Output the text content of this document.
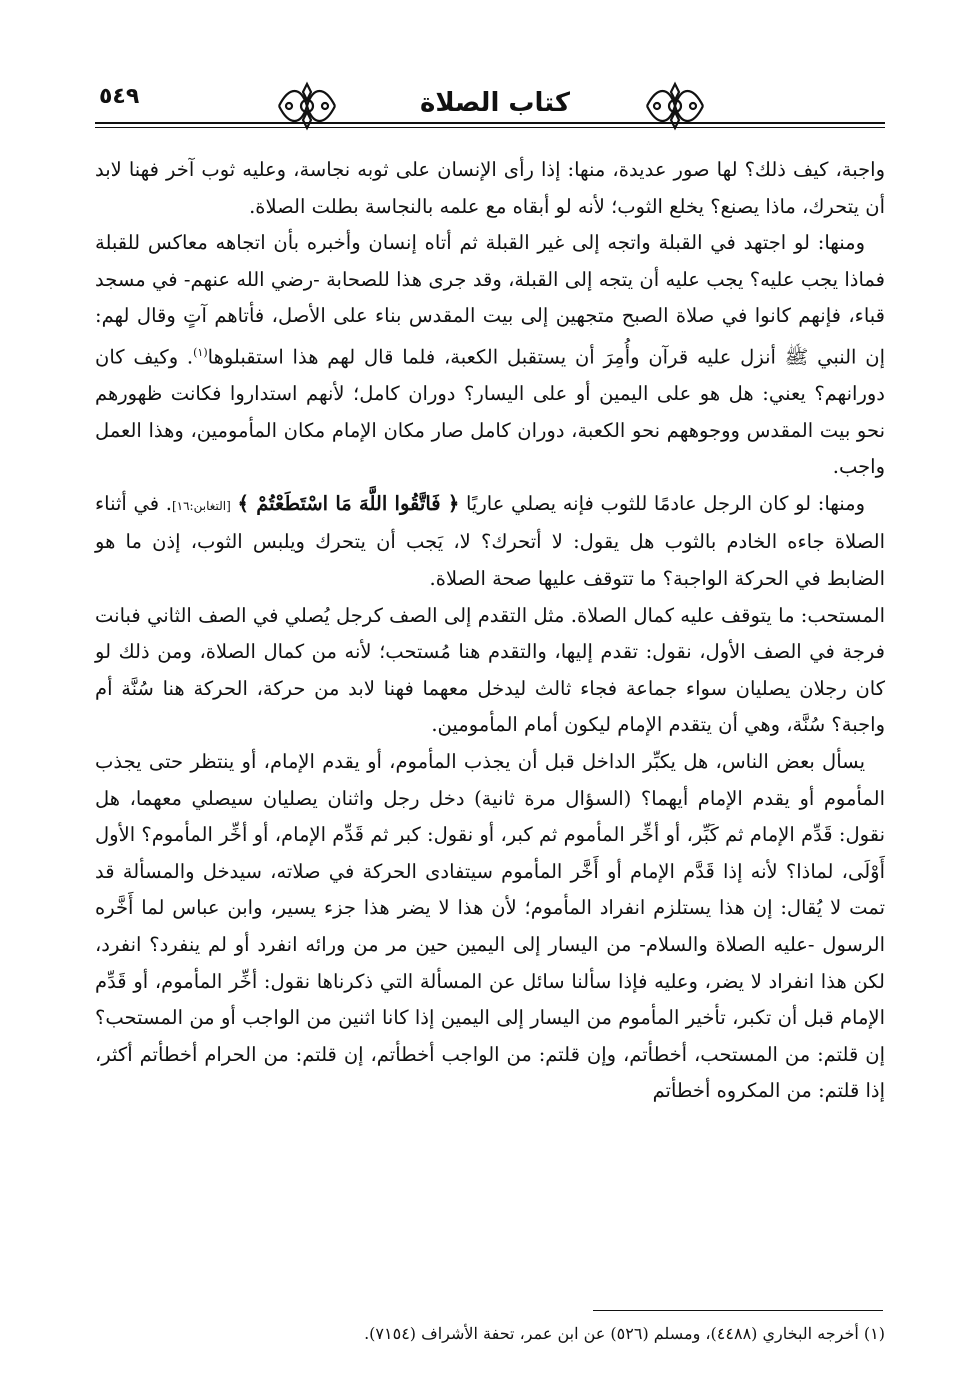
٥٤٩	كتاب الصلاة

واجبة، كيف ذلك؟ لها صور عديدة، منها: إذا رأى الإنسان على ثوبه نجاسة، وعليه ثوب آخر فهنا لابد أن يتحرك، ماذا يصنع؟ يخلع الثوب؛ لأنه لو أبقاه مع علمه بالنجاسة بطلت الصلاة.

ومنها: لو اجتهد في القبلة واتجه إلى غير القبلة ثم أتاه إنسان وأخبره بأن اتجاهه معاكس للقبلة فماذا يجب عليه؟ يجب عليه أن يتجه إلى القبلة، وقد جرى هذا للصحابة -رضي الله عنهم- في مسجد قباء، فإنهم كانوا في صلاة الصبح متجهين إلى بيت المقدس بناء على الأصل، فأتاهم آتٍ وقال لهم: إن النبي ﷺ أنزل عليه قرآن وأُمِرَ أن يستقبل الكعبة، فلما قال لهم هذا استقبلوها$^{(١)}$. وكيف كان دورانهم؟ يعني: هل هو على اليمين أو على اليسار؟ دوران كامل؛ لأنهم استداروا فكانت ظهورهم نحو بيت المقدس ووجوههم نحو الكعبة، دوران كامل صار مكان الإمام مكان المأمومين، وهذا العمل واجب.

ومنها: لو كان الرجل عادمًا للثوب فإنه يصلي عاريًا ﴿ فَاتَّقُوا اللَّهَ مَا اسْتَطَعْتُمْ ﴾ [التغابن:١٦]. في أثناء الصلاة جاءه الخادم بالثوب هل يقول: لا أتحرك؟ لا، يَجب أن يتحرك ويلبس الثوب، إذن ما هو الضابط في الحركة الواجبة؟ ما تتوقف عليها صحة الصلاة.

المستحب: ما يتوقف عليه كمال الصلاة. مثل التقدم إلى الصف كرجل يُصلي في الصف الثاني فبانت فرجة في الصف الأول، نقول: تقدم إليها، والتقدم هنا مُستحب؛ لأنه من كمال الصلاة، ومن ذلك لو كان رجلان يصليان سواء جماعة فجاء ثالث ليدخل معهما فهنا لابد من حركة، الحركة هنا سُنَّة أم واجبة؟ سُنَّة، وهي أن يتقدم الإمام ليكون أمام المأمومين.

يسأل بعض الناس، هل يكبِّر الداخل قبل أن يجذب المأموم، أو يقدم الإمام، أو ينتظر حتى يجذب المأموم أو يقدم الإمام أيهما؟ (السؤال مرة ثانية) دخل رجل واثنان يصليان سيصلي معهما، هل نقول: قَدِّم الإمام ثم كَبِّر، أو أخِّر المأموم ثم كبر، أو نقول: كبر ثم قَدِّم الإمام، أو أخِّر المأموم؟ الأول أَوْلَى، لماذا؟ لأنه إذا قَدَّم الإمام أو أَخَّر المأموم سيتفادى الحركة في صلاته، سيدخل والمسألة قد تمت لا يُقال: إن هذا يستلزم انفراد المأموم؛ لأن هذا لا يضر هذا جزء يسير، وابن عباس لما أَخَّره الرسول -عليه الصلاة والسلام- من اليسار إلى اليمين حين مر من ورائه انفرد أو لم ينفرد؟ انفرد، لكن هذا انفراد لا يضر، وعليه فإذا سألنا سائل عن المسألة التي ذكرناها نقول: أخِّر المأموم، أو قَدِّم الإمام قبل أن تكبر، تأخير المأموم من اليسار إلى اليمين إذا كانا اثنين من الواجب أو من المستحب؟ إن قلتم: من المستحب، أخطأتم، وإن قلتم: من الواجب أخطأتم، إن قلتم: من الحرام أخطأتم أكثر، إذا قلتم: من المكروه أخطأتم

(١) أخرجه البخاري (٤٤٨٨)، ومسلم (٥٢٦) عن ابن عمر، تحفة الأشراف (٧١٥٤).
